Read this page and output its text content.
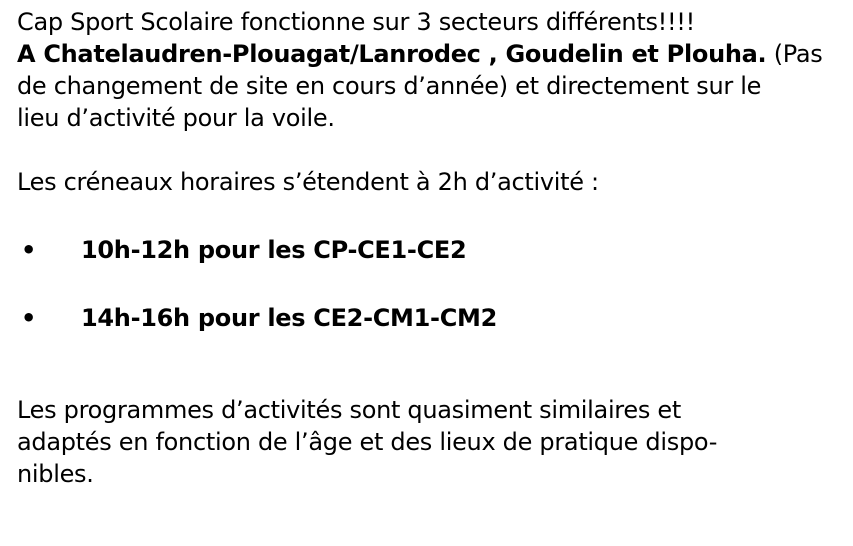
Cap Sport Scolaire fonctionne sur 3 secteurs différents!!!!

A Chatelaudren-Plouagat/Lanrodec , Goudelin et Plouha. (Pas

de changement de site en cours d’année) et directement sur le

lieu d’activité pour la voile.

Les créneaux horaires s’étendent à 2h d’activité :

•	10h-12h pour les CP-CE1-CE2
•	14h-16h pour les CE2-CM1-CM2

Les programmes d’activités sont quasiment similaires et

adaptés en fonction de l’âge et des lieux de pratique dispo-

nibles.
